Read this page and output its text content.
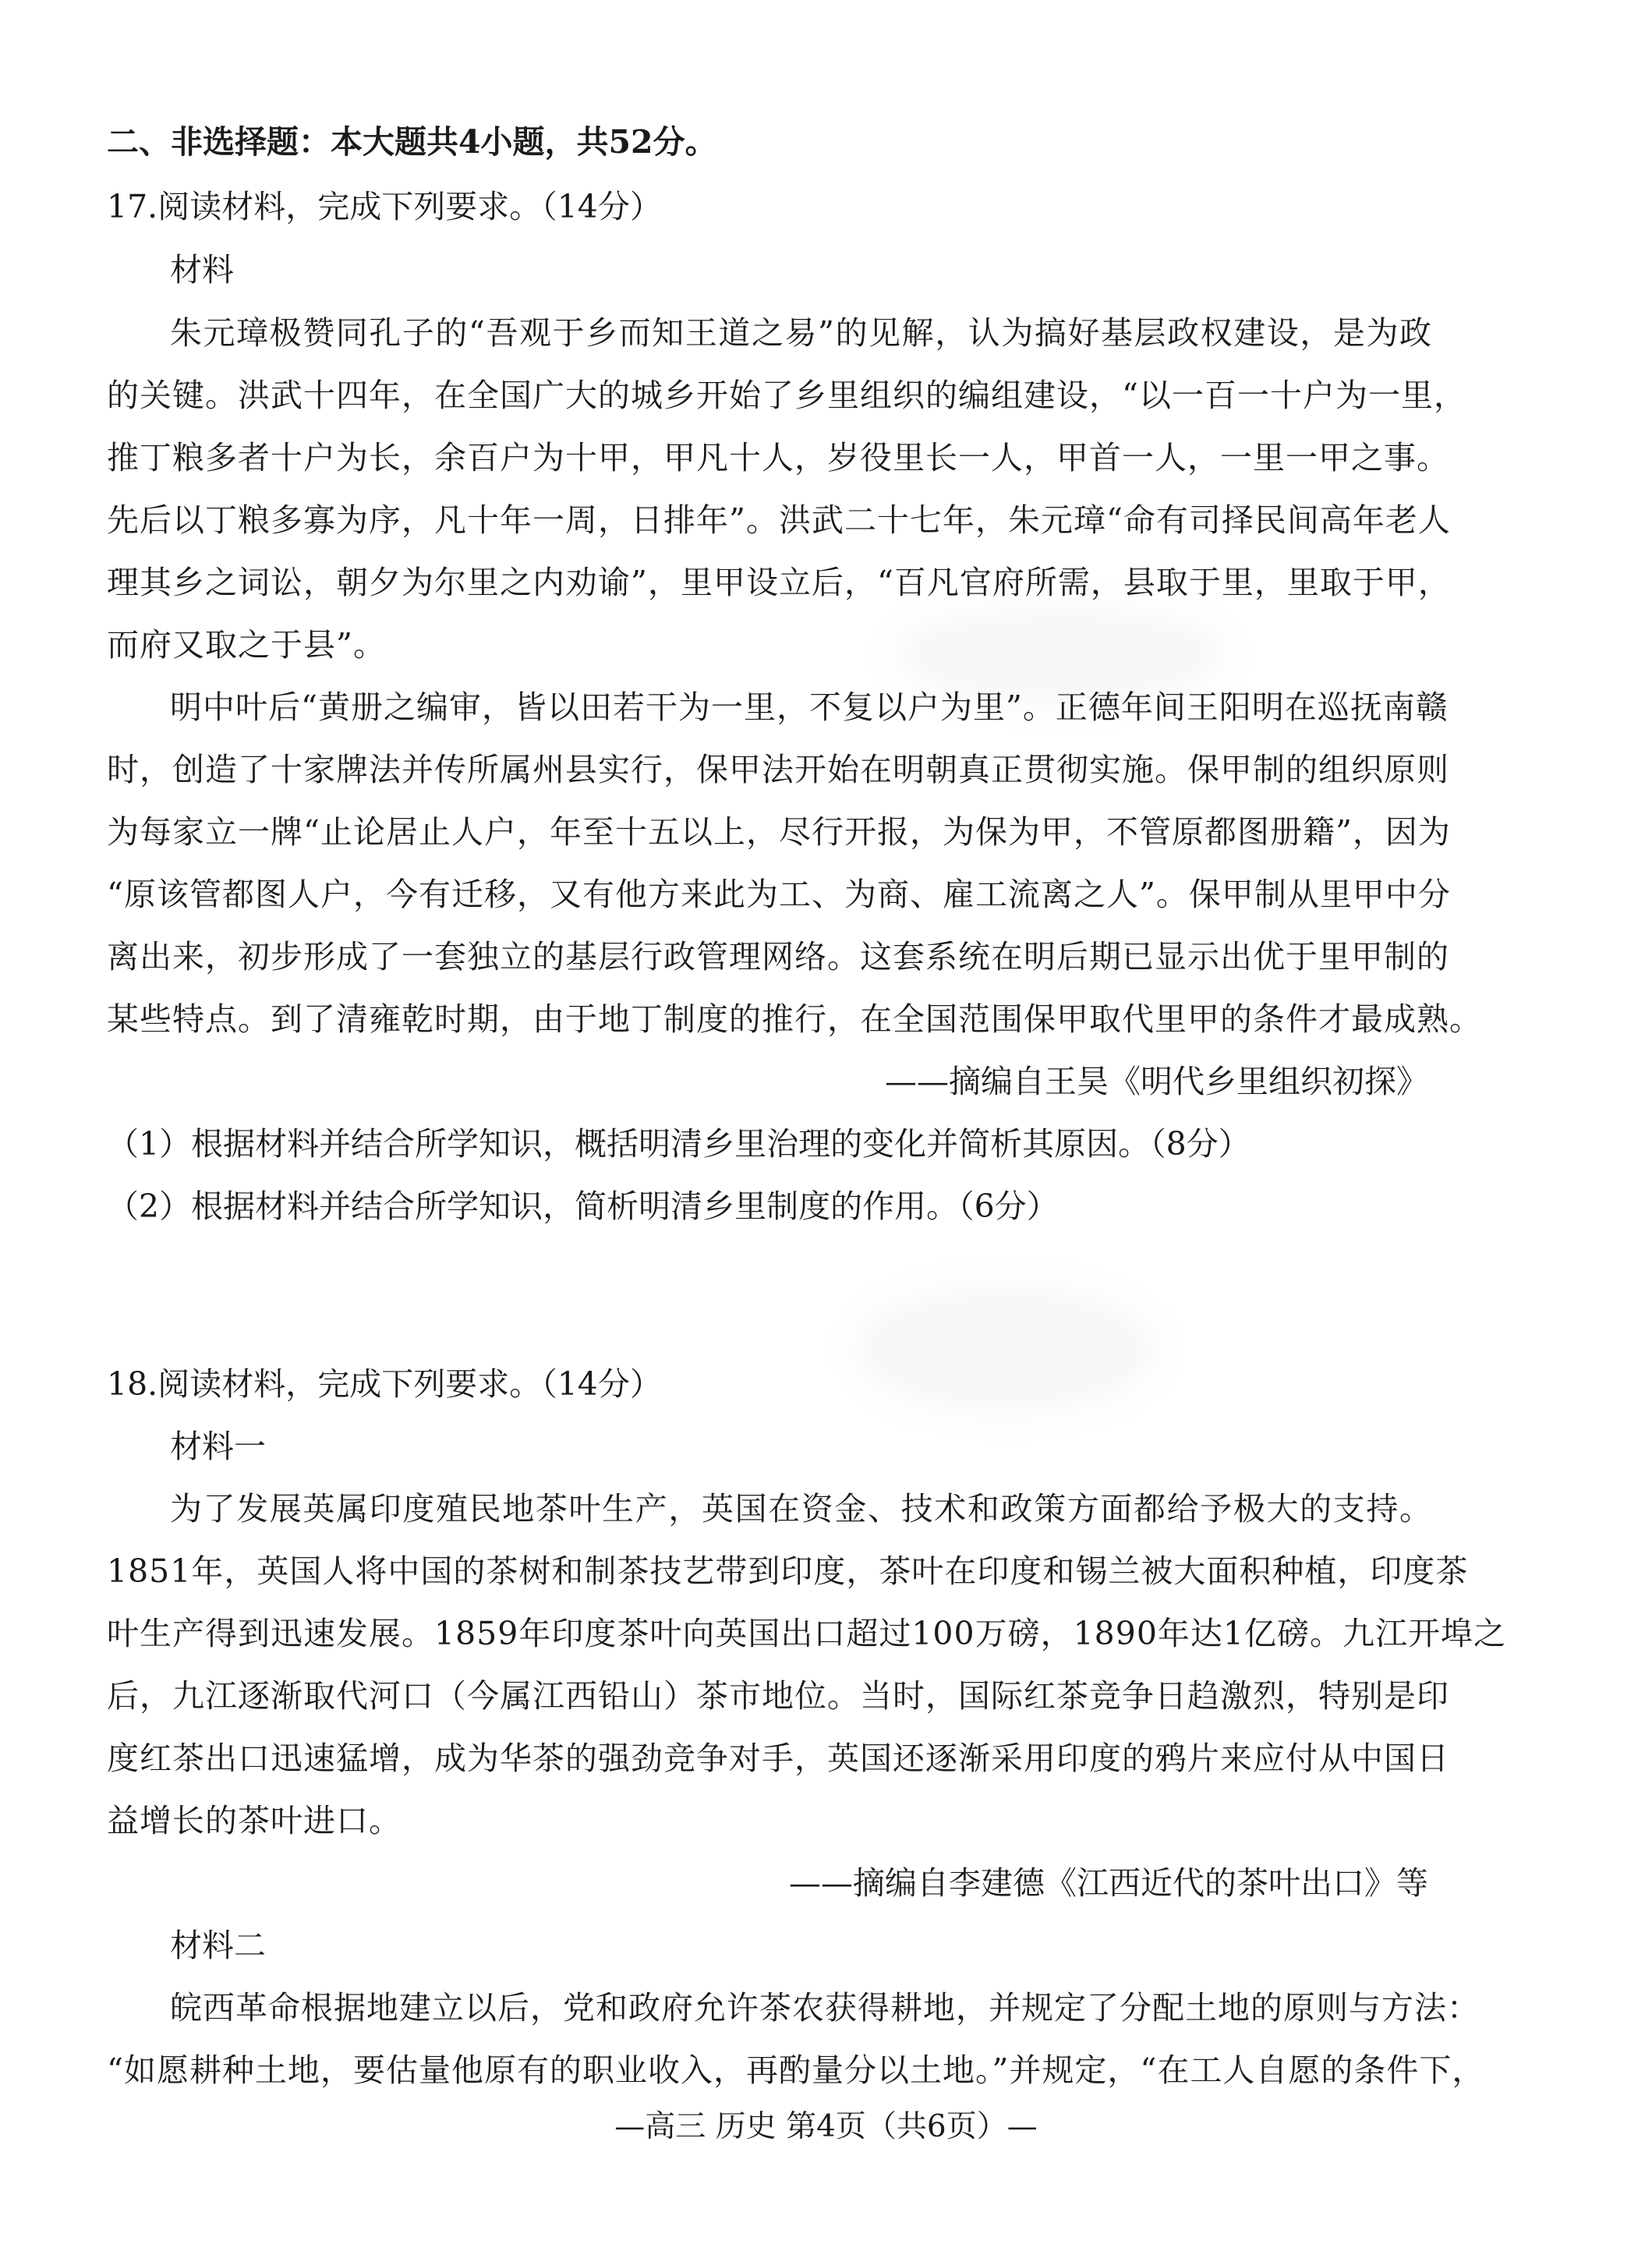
二、非选择题：本大题共4小题，共52分。
17.阅读材料，完成下列要求。（14分）
材料
朱元璋极赞同孔子的“吾观于乡而知王道之易”的见解，认为搞好基层政权建设，是为政
的关键。洪武十四年，在全国广大的城乡开始了乡里组织的编组建设，“以一百一十户为一里，
推丁粮多者十户为长，余百户为十甲，甲凡十人，岁役里长一人，甲首一人，一里一甲之事。
先后以丁粮多寡为序，凡十年一周，日排年”。洪武二十七年，朱元璋“命有司择民间高年老人
理其乡之词讼，朝夕为尔里之内劝谕”，里甲设立后，“百凡官府所需，县取于里，里取于甲，
而府又取之于县”。
明中叶后“黄册之编审，皆以田若干为一里，不复以户为里”。正德年间王阳明在巡抚南赣
时，创造了十家牌法并传所属州县实行，保甲法开始在明朝真正贯彻实施。保甲制的组织原则
为每家立一牌“止论居止人户，年至十五以上，尽行开报，为保为甲，不管原都图册籍”，因为
“原该管都图人户，今有迁移，又有他方来此为工、为商、雇工流离之人”。保甲制从里甲中分
离出来，初步形成了一套独立的基层行政管理网络。这套系统在明后期已显示出优于里甲制的
某些特点。到了清雍乾时期，由于地丁制度的推行，在全国范围保甲取代里甲的条件才最成熟。
——摘编自王昊《明代乡里组织初探》
（1）根据材料并结合所学知识，概括明清乡里治理的变化并简析其原因。（8分）
（2）根据材料并结合所学知识，简析明清乡里制度的作用。（6分）
18.阅读材料，完成下列要求。（14分）
材料一
为了发展英属印度殖民地茶叶生产，英国在资金、技术和政策方面都给予极大的支持。
1851年，英国人将中国的茶树和制茶技艺带到印度，茶叶在印度和锡兰被大面积种植，印度茶
叶生产得到迅速发展。1859年印度茶叶向英国出口超过100万磅，1890年达1亿磅。九江开埠之
后，九江逐渐取代河口（今属江西铅山）茶市地位。当时，国际红茶竞争日趋激烈，特别是印
度红茶出口迅速猛增，成为华茶的强劲竞争对手，英国还逐渐采用印度的鸦片来应付从中国日
益增长的茶叶进口。
——摘编自李建德《江西近代的茶叶出口》等
材料二
皖西革命根据地建立以后，党和政府允许茶农获得耕地，并规定了分配土地的原则与方法：
“如愿耕种土地，要估量他原有的职业收入，再酌量分以土地。”并规定，“在工人自愿的条件下，
—高三 历史 第4页（共6页）—
